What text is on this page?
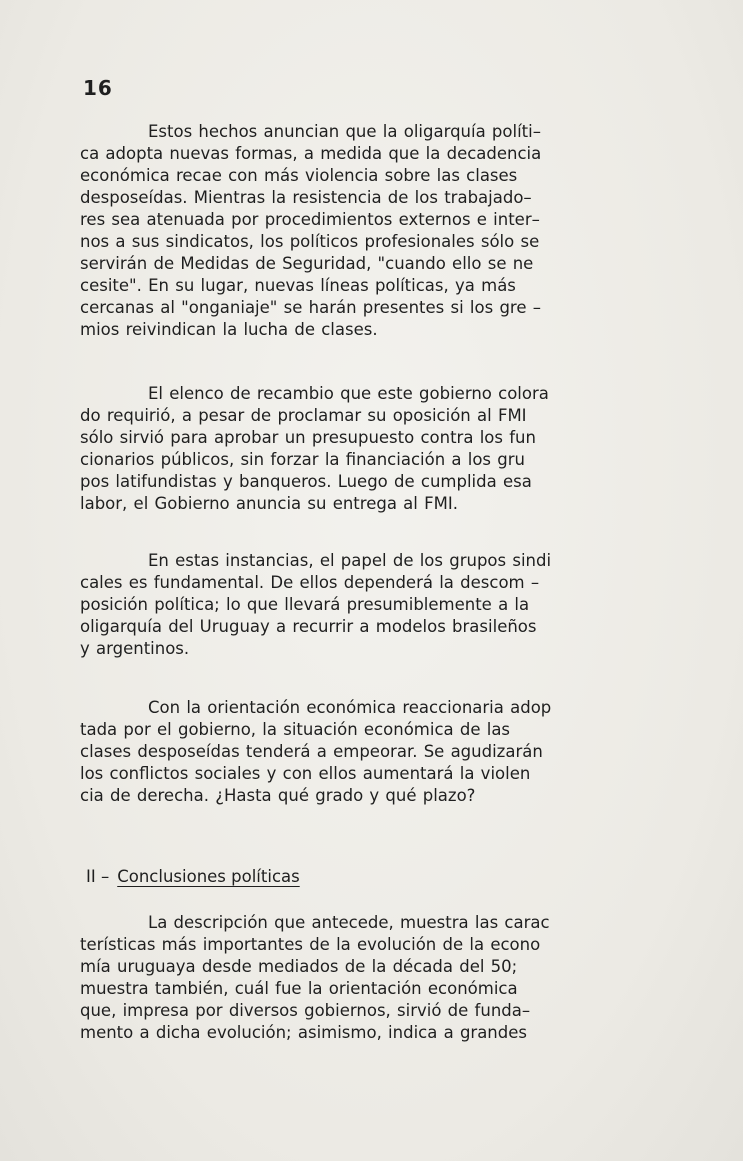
16
Estos hechos anuncian que la oligarquía políti–
ca adopta nuevas formas, a medida que la decadencia
económica recae con más violencia sobre las clases
desposeídas. Mientras la resistencia de los trabajado–
res sea atenuada por procedimientos externos e inter–
nos a sus sindicatos, los políticos profesionales sólo se
servirán de Medidas de Seguridad, "cuando ello se ne
cesite". En su lugar, nuevas líneas políticas, ya más
cercanas al "onganiaje" se harán presentes si los gre –
mios reivindican la lucha de clases.
El elenco de recambio que este gobierno colora
do requirió, a pesar de proclamar su oposición al FMI
sólo sirvió para aprobar un presupuesto contra los fun
cionarios públicos, sin forzar la financiación a los gru
pos latifundistas y banqueros. Luego de cumplida esa
labor, el Gobierno anuncia su entrega al FMI.
En estas instancias, el papel de los grupos sindi
cales es fundamental. De ellos dependerá la descom –
posición política; lo que llevará presumiblemente a la
oligarquía del Uruguay a recurrir a modelos brasileños
y argentinos.
Con la orientación económica reaccionaria adop
tada por el gobierno, la situación económica de las
clases desposeídas tenderá a empeorar. Se agudizarán
los conflictos sociales y con ellos aumentará la violen
cia de derecha. ¿Hasta qué grado y qué plazo?
II – Conclusiones políticas
La descripción que antecede, muestra las carac
terísticas más importantes de la evolución de la econo
mía uruguaya desde mediados de la década del 50;
muestra también, cuál fue la orientación económica
que, impresa por diversos gobiernos, sirvió de funda–
mento a dicha evolución; asimismo, indica a grandes
